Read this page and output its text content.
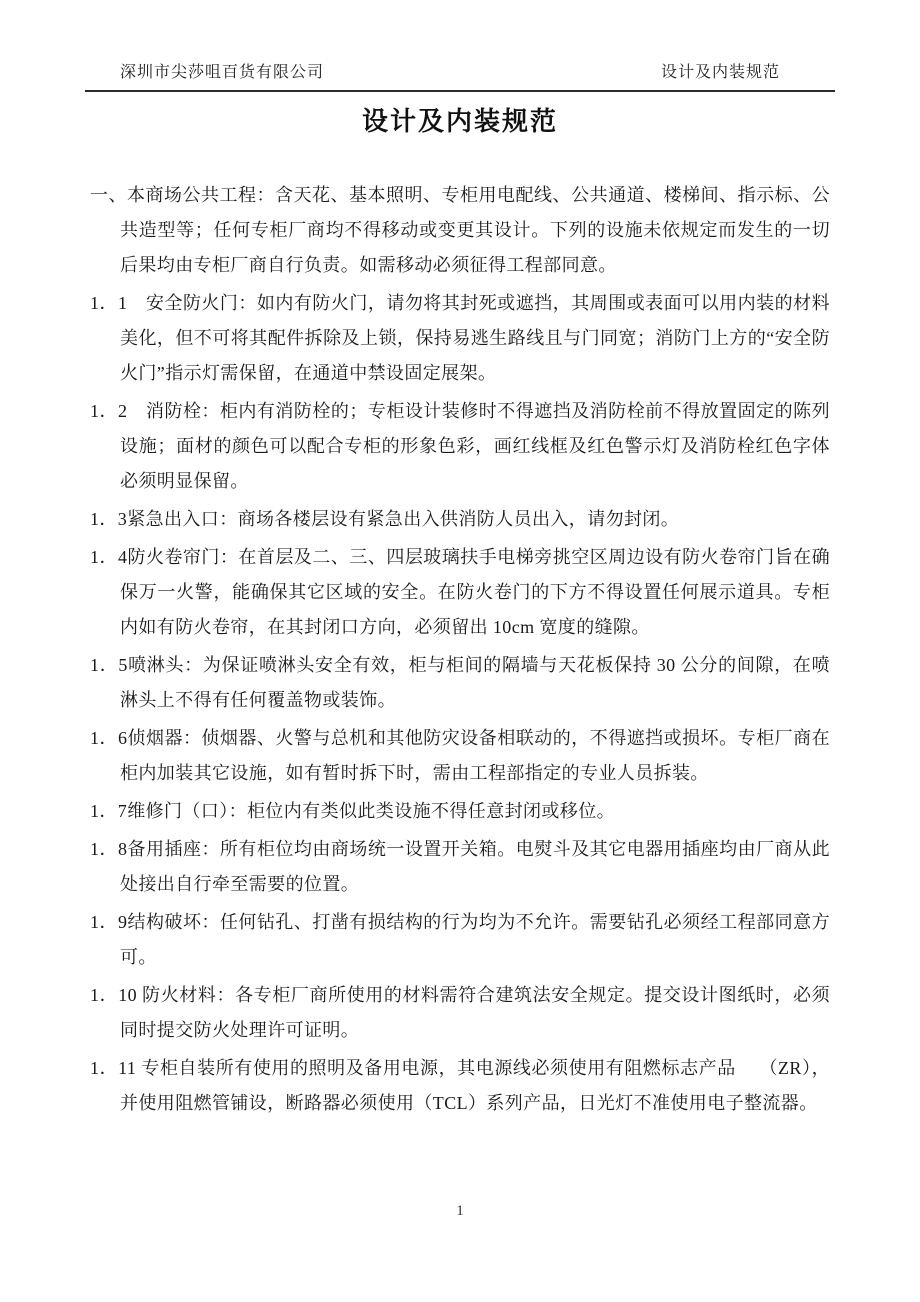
深圳市尖莎咀百货有限公司	设计及内装规范
设计及内装规范

一、本商场公共工程：含天花、基本照明、专柜用电配线、公共通道、楼梯间、指示标、公共造型等；任何专柜厂商均不得移动或变更其设计。下列的设施未依规定而发生的一切后果均由专柜厂商自行负责。如需移动必须征得工程部同意。

1．1　安全防火门：如内有防火门，请勿将其封死或遮挡，其周围或表面可以用内装的材料美化，但不可将其配件拆除及上锁，保持易逃生路线且与门同宽；消防门上方的“安全防火门”指示灯需保留，在通道中禁设固定展架。

1．2　消防栓：柜内有消防栓的；专柜设计装修时不得遮挡及消防栓前不得放置固定的陈列设施；面材的颜色可以配合专柜的形象色彩，画红线框及红色警示灯及消防栓红色字体必须明显保留。

1．3紧急出入口：商场各楼层设有紧急出入供消防人员出入，请勿封闭。

1．4防火卷帘门：在首层及二、三、四层玻璃扶手电梯旁挑空区周边设有防火卷帘门旨在确保万一火警，能确保其它区域的安全。在防火卷门的下方不得设置任何展示道具。专柜内如有防火卷帘，在其封闭口方向，必须留出 10cm 宽度的缝隙。

1．5喷淋头：为保证喷淋头安全有效，柜与柜间的隔墙与天花板保持 30 公分的间隙，在喷淋头上不得有任何覆盖物或装饰。

1．6侦烟器：侦烟器、火警与总机和其他防灾设备相联动的，不得遮挡或损坏。专柜厂商在柜内加装其它设施，如有暂时拆下时，需由工程部指定的专业人员拆装。

1．7维修门（口）：柜位内有类似此类设施不得任意封闭或移位。

1．8备用插座：所有柜位均由商场统一设置开关箱。电熨斗及其它电器用插座均由厂商从此处接出自行牵至需要的位置。

1．9结构破坏：任何钻孔、打凿有损结构的行为均为不允许。需要钻孔必须经工程部同意方可。

1．10 防火材料：各专柜厂商所使用的材料需符合建筑法安全规定。提交设计图纸时，必须同时提交防火处理许可证明。

1．11 专柜自装所有使用的照明及备用电源，其电源线必须使用有阻燃标志产品　 （ZR），并使用阻燃管铺设，断路器必须使用（TCL）系列产品，日光灯不准使用电子整流器。

1
